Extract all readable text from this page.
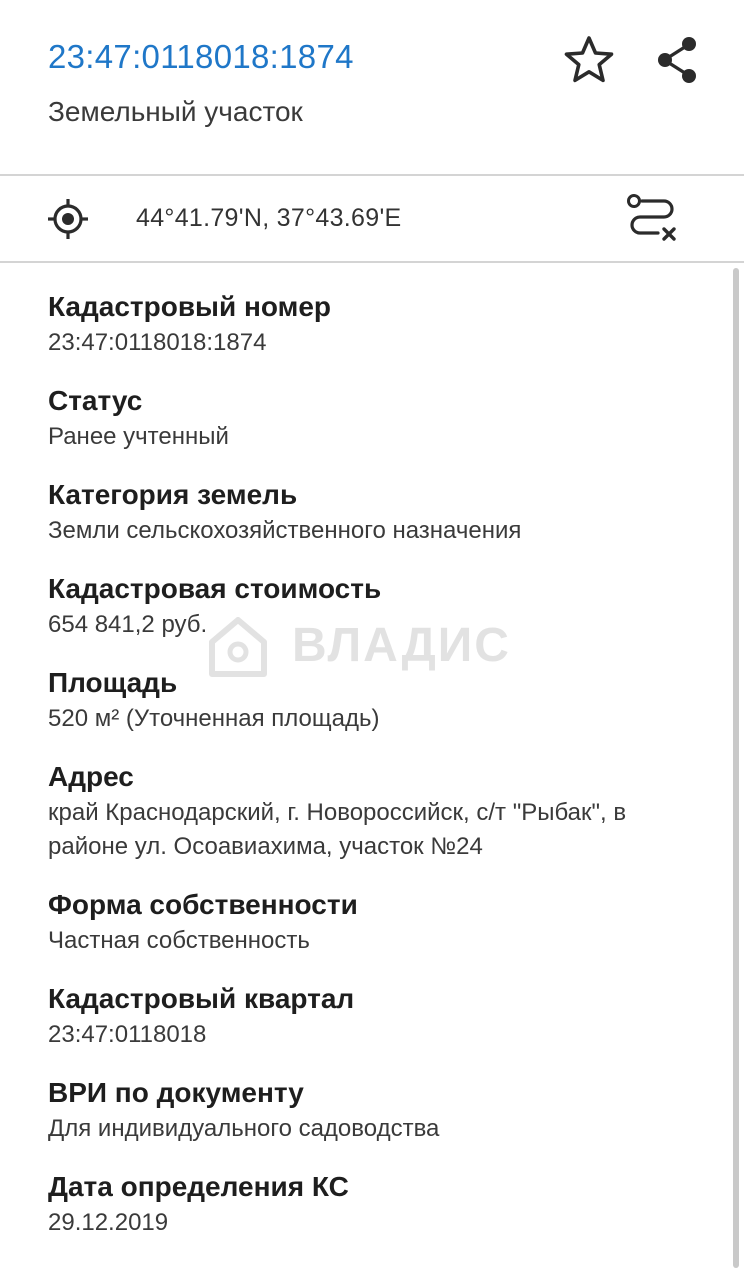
23:47:0118018:1874
Земельный участок
44°41.79'N, 37°43.69'E
Кадастровый номер
23:47:0118018:1874
Статус
Ранее учтенный
Категория земель
Земли сельскохозяйственного назначения
Кадастровая стоимость
654 841,2 руб.
Площадь
520 м² (Уточненная площадь)
Адрес
край Краснодарский, г. Новороссийск, с/т "Рыбак", в районе ул. Осоавиахима, участок №24
Форма собственности
Частная собственность
Кадастровый квартал
23:47:0118018
ВРИ по документу
Для индивидуального садоводства
Дата определения КС
29.12.2019
ВЛАДИС
